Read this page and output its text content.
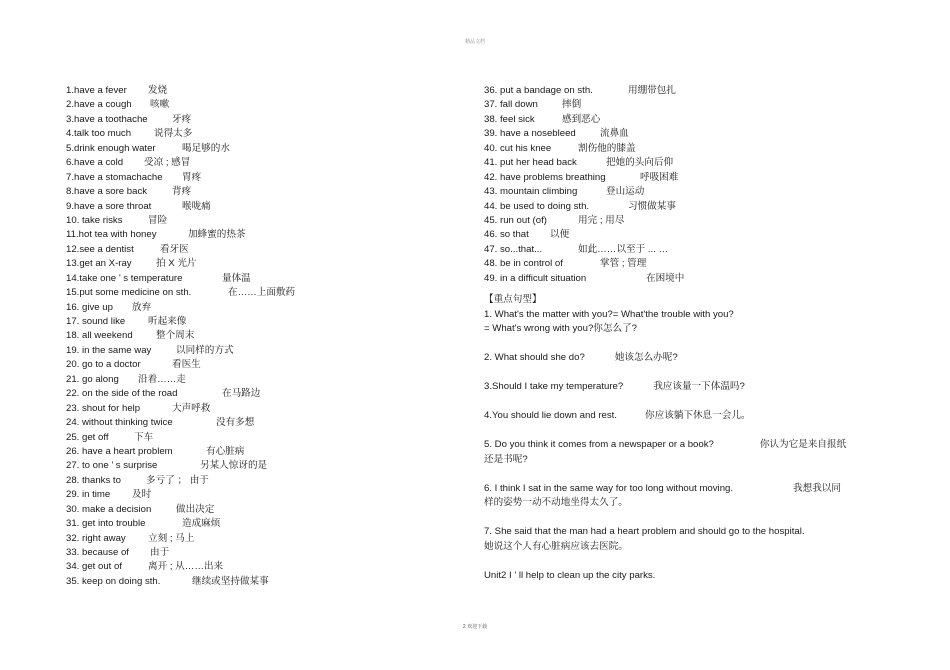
精品文档
1.have a fever 发烧
2.have a cough 咳嗽
3.have a toothache	牙疼
4.talk too much 说得太多
5.drink enough water	喝足够的水
6.have a cold 受凉 ; 感冒
7.have a stomachache 胃疼
8.have a sore back	背疼
9.have a sore throat	喉咙痛
10. take risks	冒险
11.hot tea with honey	加蜂蜜的热茶
12.see a dentist	看牙医
13.get an X-ray	拍 X 光片
14.take one ’ s temperature	量体温
15.put some medicine on sth.	在……上面敷药
16. give up 放弃
17. sound like 听起来像
18. all weekend 整个周末
19. in the same way	以同样的方式
20. go to a doctor	看医生
21. go along 沿着……走
22. on the side of the road	在马路边
23. shout for help	大声呼救
24. without thinking twice	没有多想
25. get off	下车
26. have a heart problem	有心脏病
27. to one ’ s surprise	另某人惊讶的是
28. thanks to	多亏了 ； 由于
29. in time 及时
30. make a decision	做出决定
31. get into trouble	造成麻烦
32. right away 立刻 ; 马上
33. because of 由于
34. get out of	离开 ; 从……出来
35. keep on doing sth.	继续或坚持做某事
36. put a bandage on sth.	用绷带包扎
37. fall down	摔倒
38. feel sick	感到恶心
39. have a nosebleed	流鼻血
40. cut his knee	割伤他的膝盖
41. put her head back	把她的头向后仰
42. have problems breathing	呼吸困难
43. mountain climbing	登山运动
44. be used to doing sth.	习惯做某事
45. run out (of)	用完 ; 用尽
46. so that 以便
47. so...that...	如此……以至于 ... …
48. be in control of	掌管 ; 管理
49. in a difficult situation	在困境中
【重点句型】
1. What's the matter with you?= What'the trouble with you?
= What's wrong with you?你怎么了?
2. What should she do?	她该怎么办呢?
3.Should I take my temperature?	我应该量一下体温吗?
4.You should lie down and rest.	你应该躺下休息一会儿。
5. Do you think it comes from a newspaper or a book?	你认为它是来自报纸
还是书呢?
6. I think I sat in the same way for too long without moving.	我想我以同
样的姿势一动不动地坐得太久了。
7. She said that the man had a heart problem and should go to the hospital.
她说这个人有心脏病应该去医院。
Unit2 I ’ ll help to clean up the city parks.
2 欢迎下载
